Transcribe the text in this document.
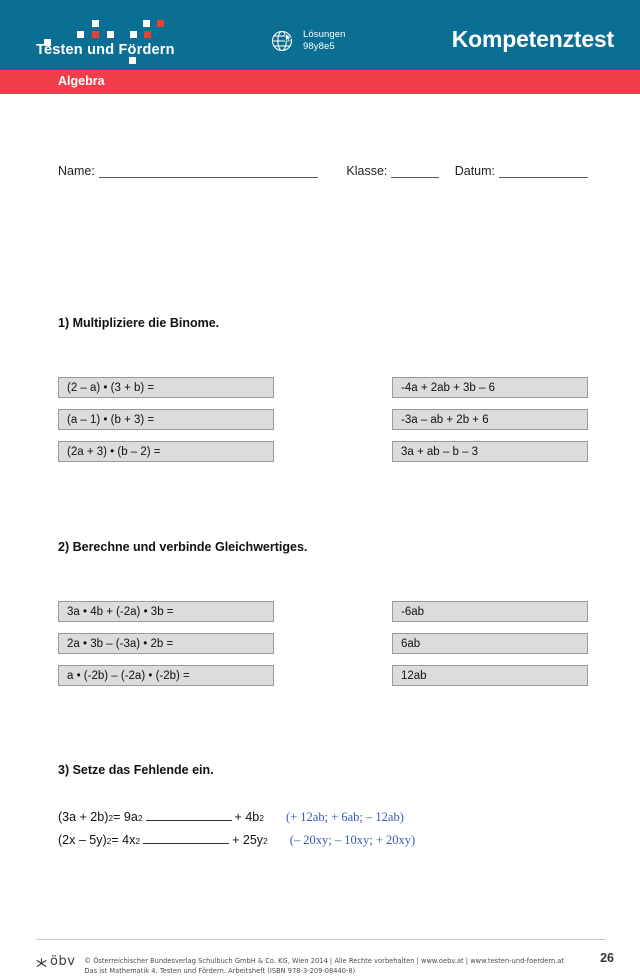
Testen und Fördern
Lösungen
98y8e5	Kompetenztest
Algebra
Name:	Klasse:	Datum:
1) Multipliziere die Binome.
(2 – a) • (3 + b) =	-4a + 2ab + 3b – 6
(a – 1) • (b + 3) =	-3a – ab + 2b + 6
(2a + 3) • (b – 2) =	3a + ab – b – 3
2) Berechne und verbinde Gleichwertiges.
3a • 4b + (-2a) • 3b =	-6ab
2a • 3b – (-3a) • 2b =	6ab
a • (-2b) – (-2a) • (-2b) =	12ab
3) Setze das Fehlende ein.
(3a + 2b) 2 = 9a 2	+ 4b 2 (+ 12ab; + 6ab; – 12ab)
(2x – 5y) 2 = 4x 2	+ 25y 2 (– 20xy; – 10xy; + 20xy)
öbv © Österreichischer Bundesverlag Schulbuch GmbH & Co. KG, Wien 2014 | Alle Rechte vorbehalten | www.oebv.at | www.testen-und-foerdern.at
Das ist Mathematik 4. Testen und Fördern. Arbeitsheft (ISBN 978-3-209-08440-8)
26
